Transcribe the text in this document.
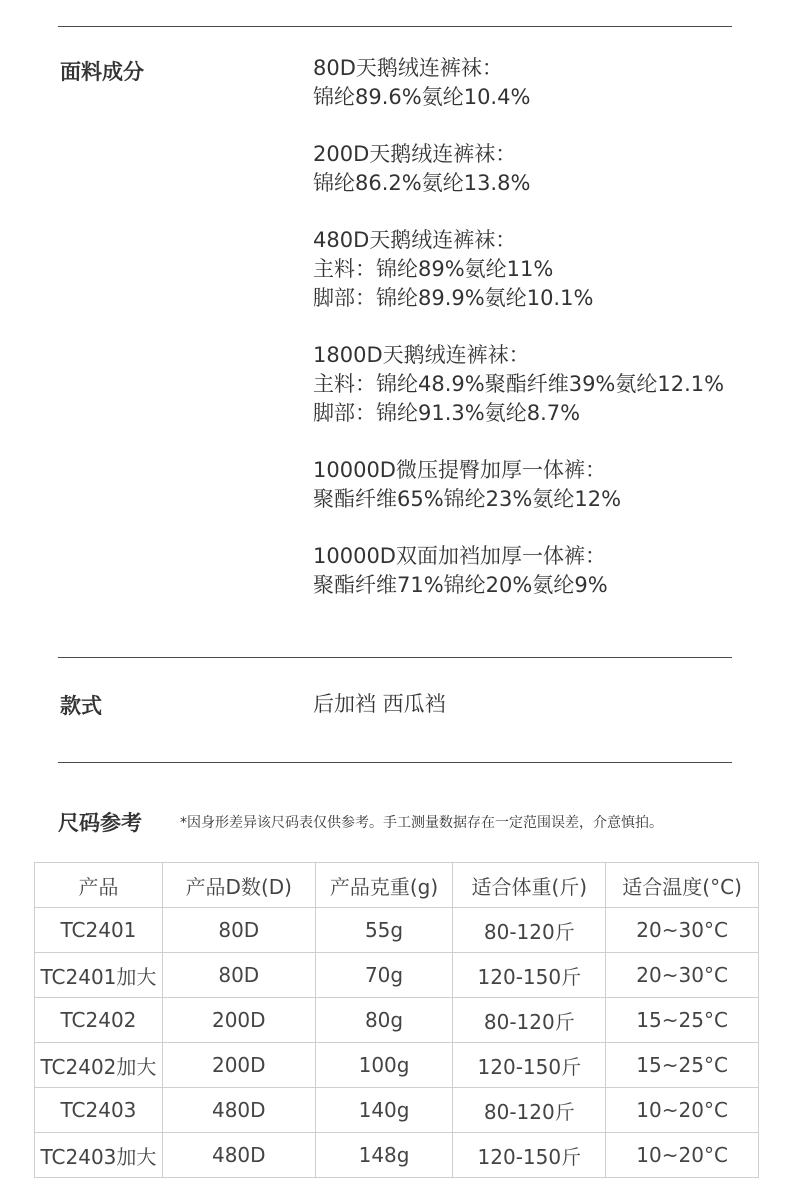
面料成分	80D天鹅绒连裤袜：
锦纶89.6%氨纶10.4%
200D天鹅绒连裤袜：
锦纶86.2%氨纶13.8%
480D天鹅绒连裤袜：
主料：锦纶89%氨纶11%
脚部：锦纶89.9%氨纶10.1%
1800D天鹅绒连裤袜：
主料：锦纶48.9%聚酯纤维39%氨纶12.1%
脚部：锦纶91.3%氨纶8.7%
10000D微压提臀加厚一体裤：
聚酯纤维65%锦纶23%氨纶12%
10000D双面加裆加厚一体裤：
聚酯纤维71%锦纶20%氨纶9%
款式	后加裆 西瓜裆
尺码参考	*因身形差异该尺码表仅供参考。手工测量数据存在一定范围误差，介意慎拍。
产品	产品D数(D)	产品克重(g)	适合体重(斤)	适合温度(°C)
TC2401	80D	55g	80-120斤	20~30°C
TC2401加大	80D	70g	120-150斤	20~30°C
TC2402	200D	80g	80-120斤	15~25°C
TC2402加大	200D	100g	120-150斤	15~25°C
TC2403	480D	140g	80-120斤	10~20°C
TC2403加大	480D	148g	120-150斤	10~20°C
